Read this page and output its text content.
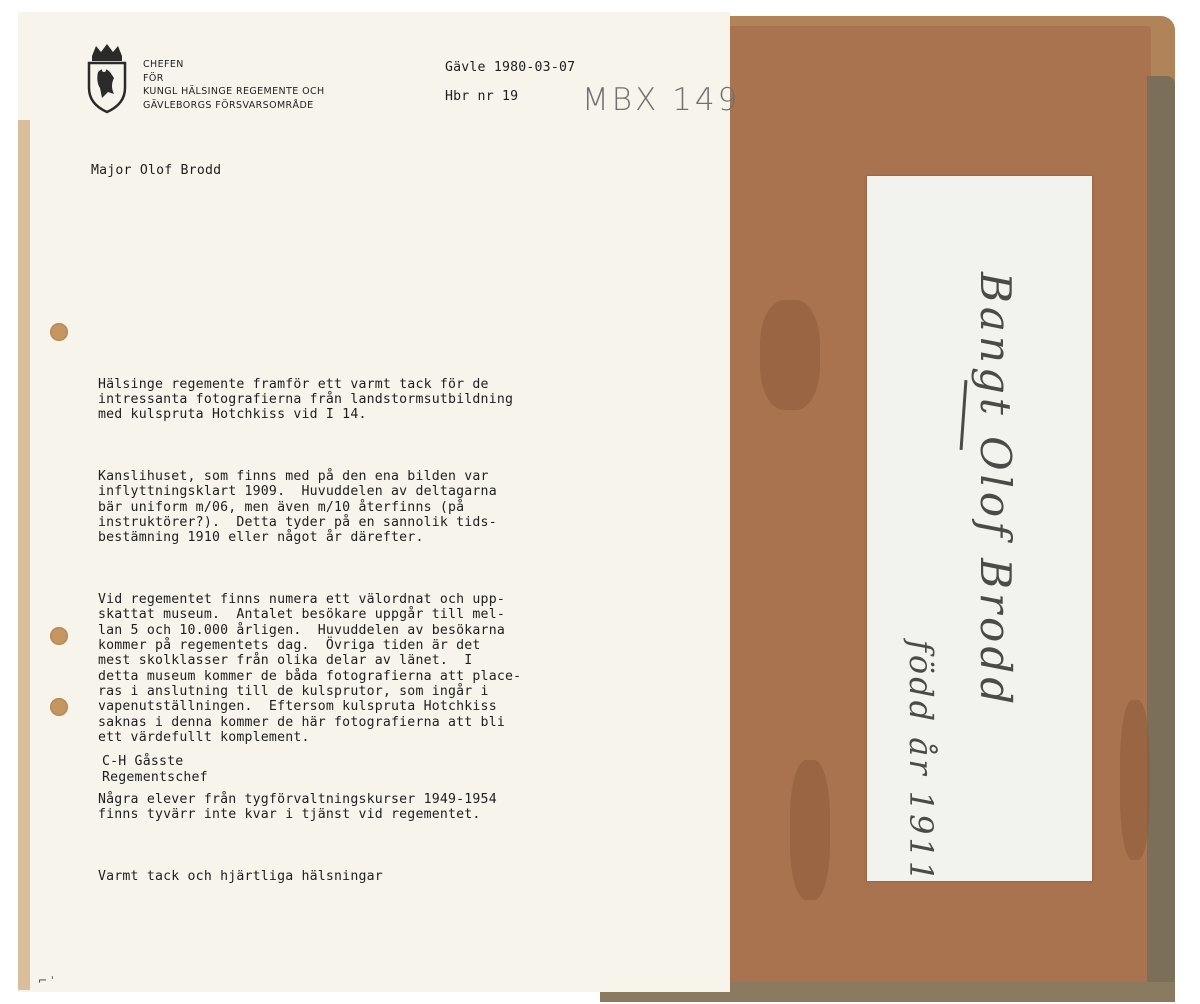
Bangt Olof Brodd
född år 1911
CHEFEN
FÖR
KUNGL HÄLSINGE REGEMENTE OCH
GÄVLEBORGS FÖRSVARSOMRÅDE
Gävle 1980-03-07
Hbr nr 19 MBX 149
Major Olof Brodd

Hälsinge regemente framför ett varmt tack för de
intressanta fotografierna från landstormsutbildning
med kulspruta Hotchkiss vid I 14.

Kanslihuset, som finns med på den ena bilden var
inflyttningsklart 1909.  Huvuddelen av deltagarna
bär uniform m/06, men även m/10 återfinns (på
instruktörer?).  Detta tyder på en sannolik tids-
bestämning 1910 eller något år därefter.

Vid regementet finns numera ett välordnat och upp-
skattat museum.  Antalet besökare uppgår till mel-
lan 5 och 10.000 årligen.  Huvuddelen av besökarna
kommer på regementets dag.  Övriga tiden är det
mest skolklasser från olika delar av länet.  I
detta museum kommer de båda fotografierna att place-
ras i anslutning till de kulsprutor, som ingår i
vapenutställningen.  Eftersom kulspruta Hotchkiss
saknas i denna kommer de här fotografierna att bli
ett värdefullt komplement.

Några elever från tygförvaltningskurser 1949-1954
finns tyvärr inte kvar i tjänst vid regementet.

Varmt tack och hjärtliga hälsningar

C-H Gåsste
Regementschef
⌐ ˈ
